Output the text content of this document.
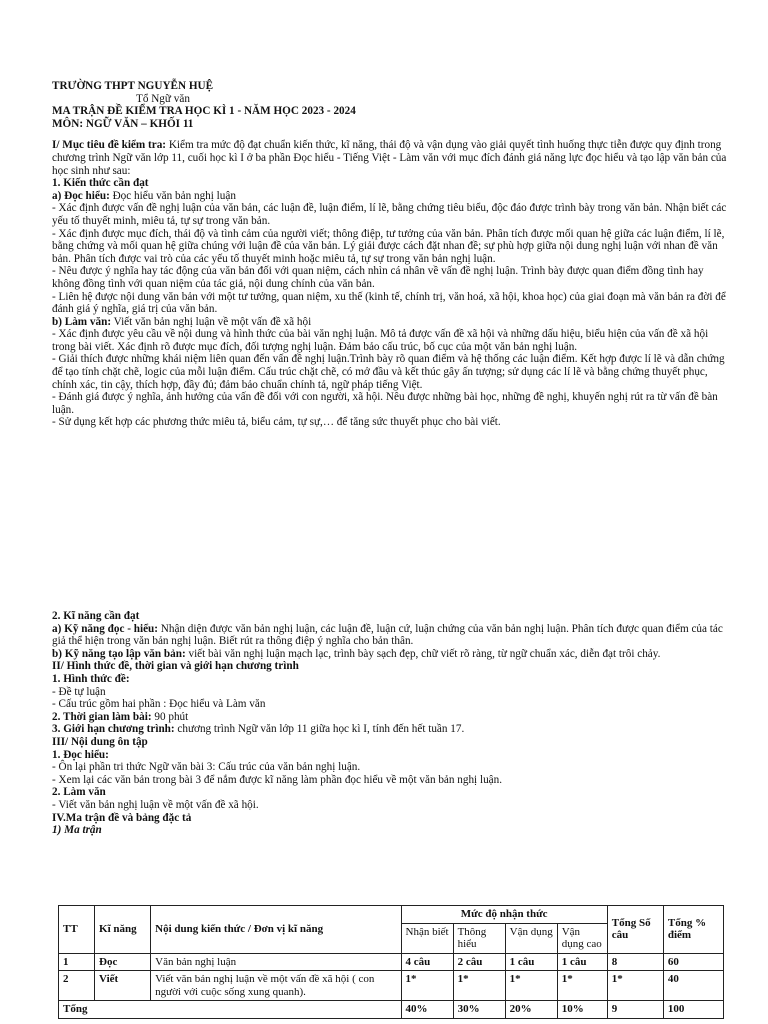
TRƯỜNG THPT NGUYỄN HUỆ

Tổ Ngữ văn

MA TRẬN ĐỀ KIỂM TRA HỌC KÌ 1 - NĂM HỌC 2023 - 2024

MÔN: NGỮ VĂN – KHỐI 11

I/ Mục tiêu đề kiểm tra: Kiểm tra mức độ đạt chuẩn kiến thức, kĩ năng, thái độ và vận dụng vào giải quyết tình huống thực tiễn được quy định trong chương trình Ngữ văn lớp 11, cuối học kì I ở ba phần Đọc hiểu - Tiếng Việt - Làm văn với mục đích đánh giá năng lực đọc hiểu và tạo lập văn bản của học sinh như sau:

1. Kiến thức cần đạt

a) Đọc hiểu: Đọc hiểu văn bản nghị luận

- Xác định được vấn đề nghị luận của văn bản, các luận đề, luận điểm, lí lẽ, bằng chứng tiêu biểu, độc đáo được trình bày trong văn bản. Nhận biết các yếu tố thuyết minh, miêu tả, tự sự trong văn bản.

- Xác định được mục đích, thái độ và tình cảm của người viết; thông điệp, tư tưởng của văn bản. Phân tích được mối quan hệ giữa các luận điểm, lí lẽ, bằng chứng và mối quan hệ giữa chúng với luận đề của văn bản. Lý giải được cách đặt nhan đề; sự phù hợp giữa nội dung nghị luận với nhan đề văn bản. Phân tích được vai trò của các yếu tố thuyết minh hoặc miêu tả, tự sự trong văn bản nghị luận.

- Nêu được ý nghĩa hay tác động của văn bản đối với quan niệm, cách nhìn cá nhân về vấn đề nghị luận. Trình bày được quan điểm đồng tình hay không đồng tình với quan niệm của tác giả, nội dung chính của văn bản.

- Liên hệ được nội dung văn bản với một tư tưởng, quan niệm, xu thế (kinh tế, chính trị, văn hoá, xã hội, khoa học) của giai đoạn mà văn bản ra đời để đánh giá ý nghĩa, giá trị của văn bản.

b) Làm văn: Viết văn bản nghị luận về một vấn đề xã hội

- Xác định được yêu cầu về nội dung và hình thức của bài văn nghị luận. Mô tả được vấn đề xã hội và những dấu hiệu, biểu hiện của vấn đề xã hội trong bài viết. Xác định rõ được mục đích, đối tượng nghị luận. Đảm bảo cấu trúc, bố cục của một văn bản nghị luận.

- Giải thích được những khái niệm liên quan đến vấn đề nghị luận.Trình bày rõ quan điểm và hệ thống các luận điểm. Kết hợp được lí lẽ và dẫn chứng để tạo tính chặt chẽ, logic của mỗi luận điểm. Cấu trúc chặt chẽ, có mở đầu và kết thúc gây ấn tượng; sử dụng các lí lẽ và bằng chứng thuyết phục, chính xác, tin cậy, thích hợp, đầy đủ; đảm bảo chuẩn chính tả, ngữ pháp tiếng Việt.

- Đánh giá được ý nghĩa, ảnh hưởng của vấn đề đối với con người, xã hội. Nêu được những bài học, những đề nghị, khuyến nghị rút ra từ vấn đề bàn luận.

- Sử dụng kết hợp các phương thức miêu tả, biểu cảm, tự sự,… để tăng sức thuyết phục cho bài viết.

2. Kĩ năng cần đạt

a) Kỹ năng đọc - hiểu: Nhận diện được văn bản nghị luận, các luận đề, luận cứ, luận chứng của văn bản nghị luận. Phân tích được quan điểm của tác giả thể hiện trong văn bản nghị luận. Biết rút ra thông điệp ý nghĩa cho bản thân.

b) Kỹ năng tạo lập văn bản: viết bài văn nghị luận mạch lạc, trình bày sạch đẹp, chữ viết rõ ràng, từ ngữ chuẩn xác, diễn đạt trôi chảy.

II/ Hình thức đề, thời gian và giới hạn chương trình

1. Hình thức đề:

- Đề tự luận

- Cấu trúc gồm hai phần : Đọc hiểu và Làm văn

2. Thời gian làm bài: 90 phút

3. Giới hạn chương trình: chương trình Ngữ văn lớp 11 giữa học kì I, tính đến hết tuần 17.

III/ Nội dung ôn tập

1. Đọc hiểu:

- Ôn lại phần tri thức Ngữ văn bài 3: Cấu trúc của văn bản nghị luận.

- Xem lại các văn bản trong bài 3 để nắm được kĩ năng làm phần đọc hiểu về một văn bản nghị luận.

2. Làm văn

- Viết văn bản nghị luận về một vấn đề xã hội.

IV.Ma trận đề và bảng đặc tả

1) Ma trận

TT	Kĩ năng	Nội dung kiến thức / Đơn vị kĩ năng	Mức độ nhận thức				Tổng Số câu	Tổng % điểm
			Nhận biết	Thông hiểu	Vận dụng	Vận dụng cao		
1	Đọc	Văn bản nghị luận	4 câu	2 câu	1 câu	1 câu	8	60
2	Viết	Viết văn bản nghị luận về một vấn đề xã hội ( con người với cuộc sống xung quanh).	1*	1*	1*	1*	1*	40
Tổng			40%	30%	20%	10%	9	100
